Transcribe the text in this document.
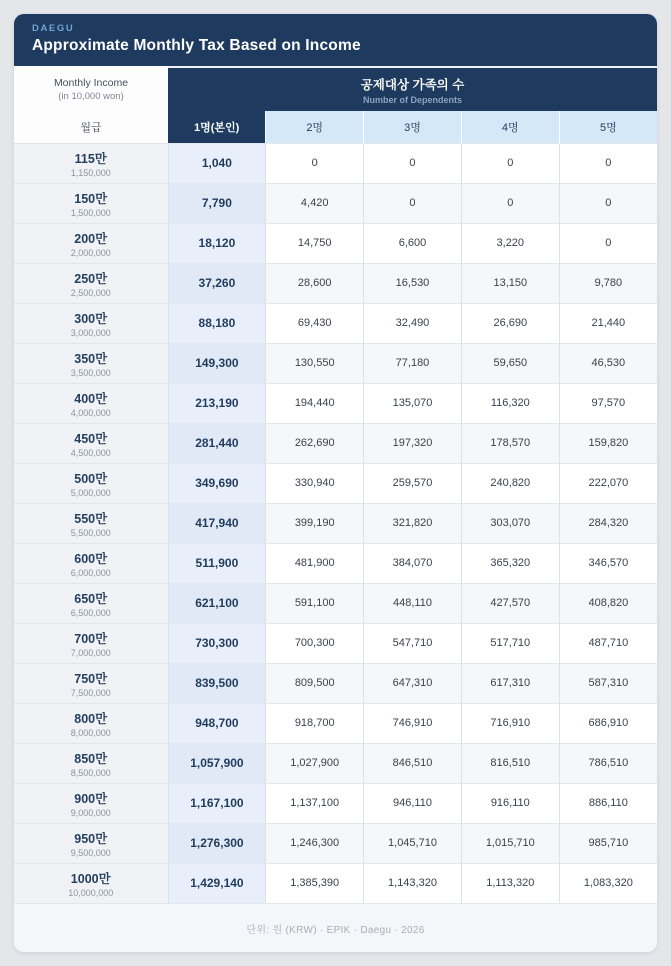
DAEGU
Approximate Monthly Tax Based on Income
Monthly Income
(in 10,000 won)

공제대상 가족의 수
Number of Dependents

월급	1명(본인)	2명	3명	4명	5명

115만
1,150,000	1,040	0	0	0	0

150만
1,500,000	7,790	4,420	0	0	0

200만
2,000,000	18,120	14,750	6,600	3,220	0

250만
2,500,000	37,260	28,600	16,530	13,150	9,780

300만
3,000,000	88,180	69,430	32,490	26,690	21,440

350만
3,500,000	149,300	130,550	77,180	59,650	46,530

400만
4,000,000	213,190	194,440	135,070	116,320	97,570

450만
4,500,000	281,440	262,690	197,320	178,570	159,820

500만
5,000,000	349,690	330,940	259,570	240,820	222,070

550만
5,500,000	417,940	399,190	321,820	303,070	284,320

600만
6,000,000	511,900	481,900	384,070	365,320	346,570

650만
6,500,000	621,100	591,100	448,110	427,570	408,820

700만
7,000,000	730,300	700,300	547,710	517,710	487,710

750만
7,500,000	839,500	809,500	647,310	617,310	587,310

800만
8,000,000	948,700	918,700	746,910	716,910	686,910

850만
8,500,000	1,057,900	1,027,900	846,510	816,510	786,510

900만
9,000,000	1,167,100	1,137,100	946,110	916,110	886,110

950만
9,500,000	1,276,300	1,246,300	1,045,710	1,015,710	985,710

1000만
10,000,000	1,429,140	1,385,390	1,143,320	1,113,320	1,083,320
단위: 원 (KRW) · EPIK · Daegu · 2026
